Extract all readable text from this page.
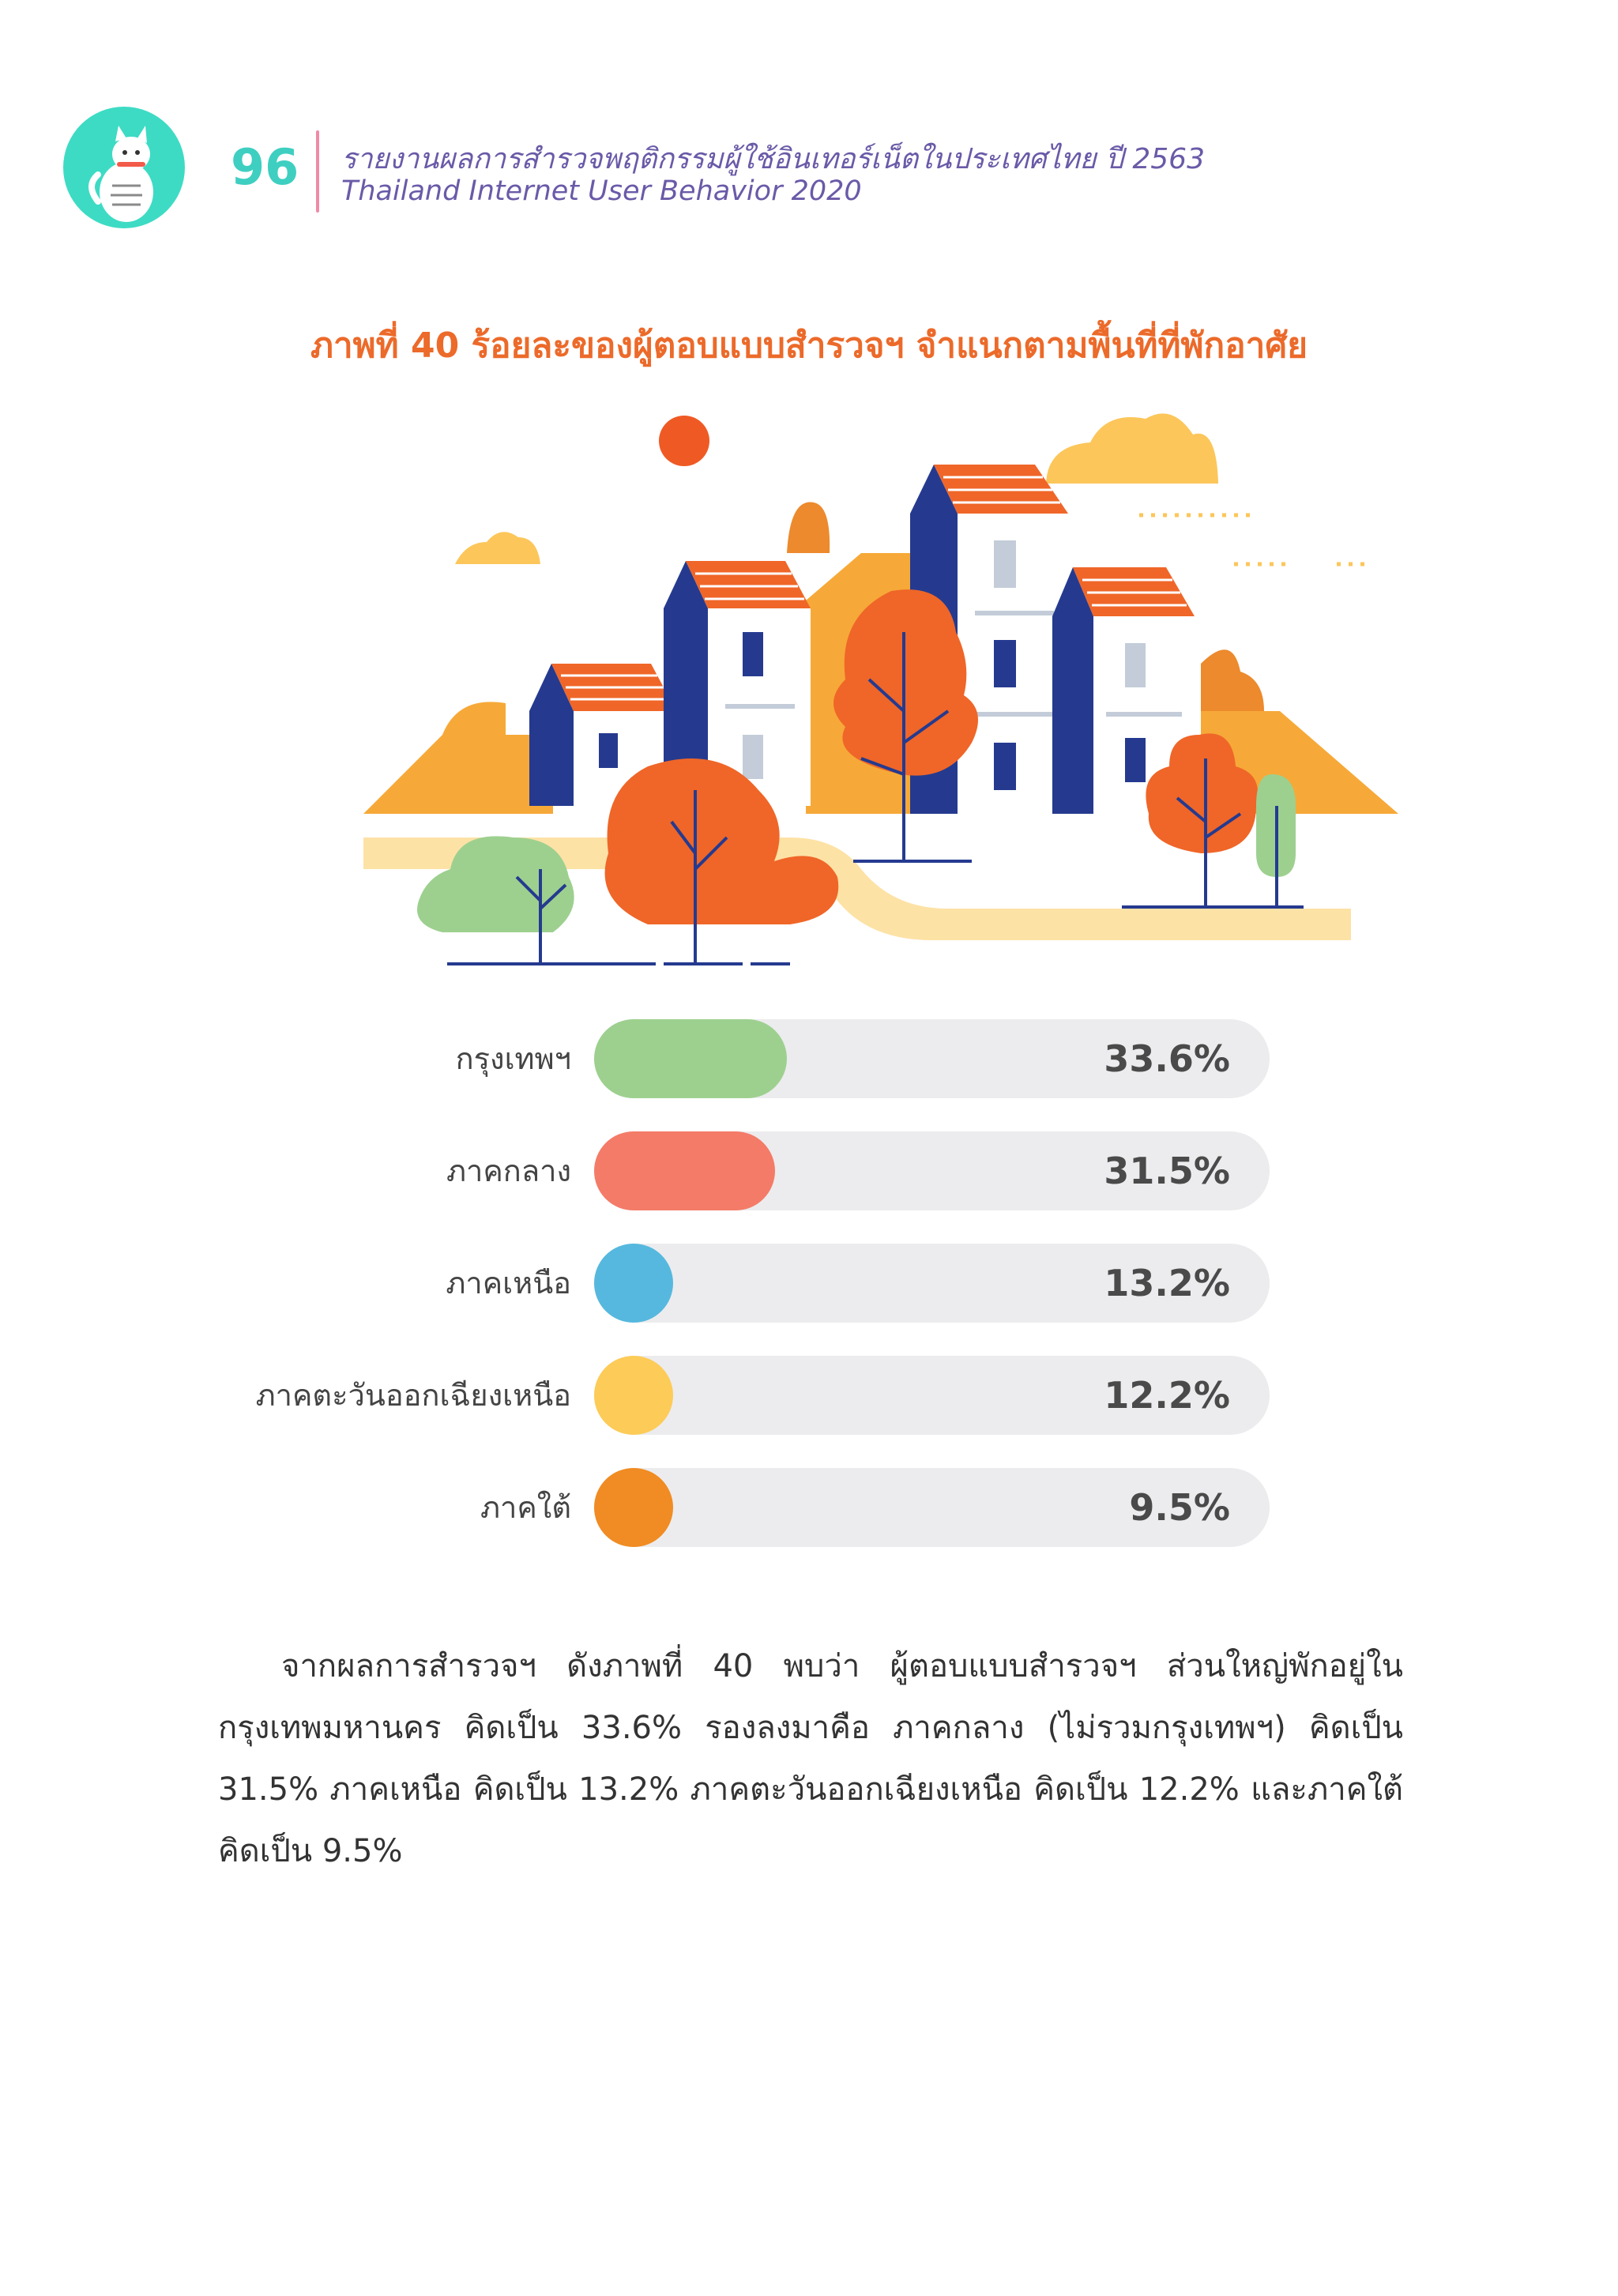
96 รายงานผลการสำรวจพฤติกรรมผู้ใช้อินเทอร์เน็ตในประเทศไทย ปี 2563
Thailand Internet User Behavior 2020
ภาพที่ 40 ร้อยละของผู้ตอบแบบสำรวจฯ จำแนกตามพื้นที่ที่พักอาศัย
กรุงเทพฯ	33.6%
ภาคกลาง	31.5%
ภาคเหนือ	13.2%
ภาคตะวันออกเฉียงเหนือ	12.2%
ภาคใต้	9.5%

จากผลการสำรวจฯ ดังภาพที่ 40 พบว่า ผู้ตอบแบบสำรวจฯ ส่วนใหญ่พักอยู่ในกรุงเทพมหานคร คิดเป็น 33.6% รองลงมาคือ ภาคกลาง (ไม่รวมกรุงเทพฯ) คิดเป็น 31.5% ภาคเหนือ คิดเป็น 13.2% ภาคตะวันออกเฉียงเหนือ คิดเป็น 12.2% และภาคใต้ คิดเป็น 9.5%
